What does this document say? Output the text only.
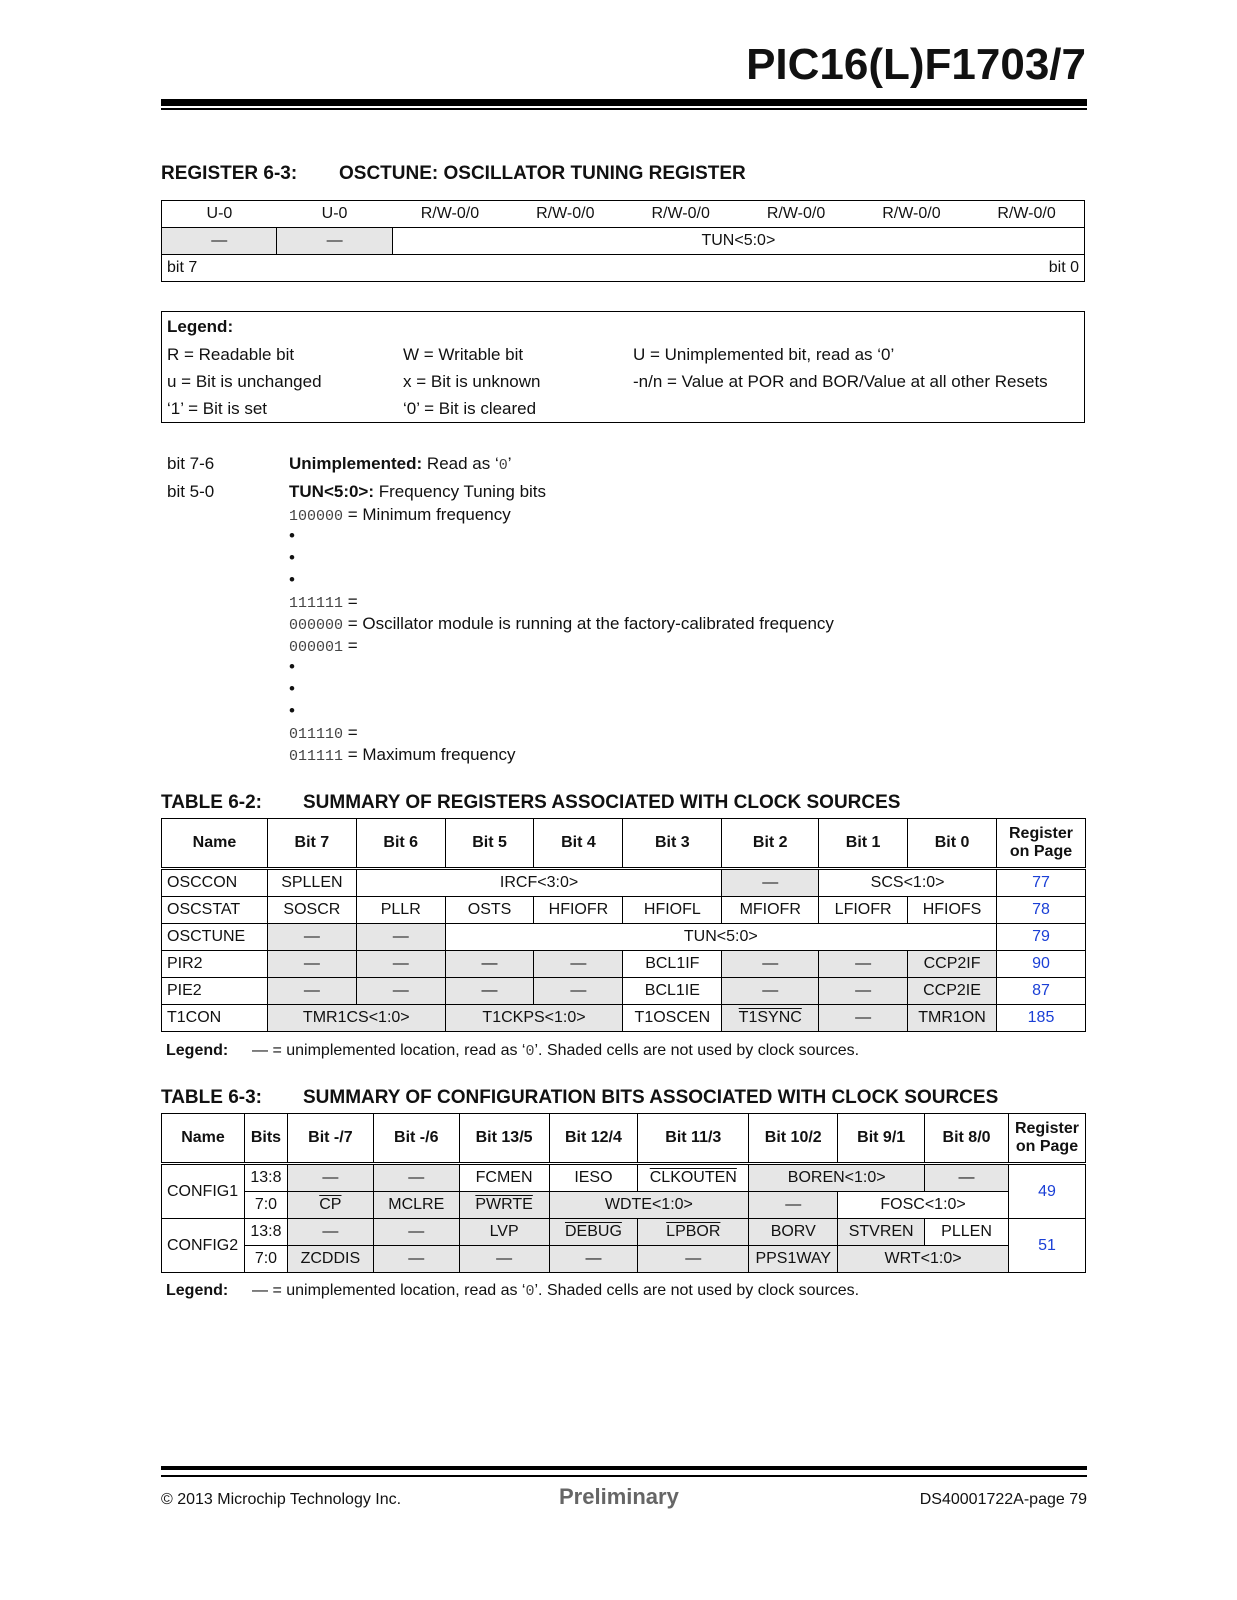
PIC16(L)F1703/7
REGISTER 6-3: OSCTUNE: OSCILLATOR TUNING REGISTER
U-0	U-0	R/W-0/0	R/W-0/0	R/W-0/0	R/W-0/0	R/W-0/0	R/W-0/0
—	—	TUN<5:0>					
bit 7				bit 0			
Legend:
R = Readable bit	W = Writable bit	U = Unimplemented bit, read as ‘0’
u = Bit is unchanged	x = Bit is unknown	-n/n = Value at POR and BOR/Value at all other Resets
‘1’ = Bit is set	‘0’ = Bit is cleared
bit 7-6	Unimplemented: Read as ‘0’
bit 5-0	TUN<5:0>: Frequency Tuning bits
100000 = Minimum frequency
•
•
•
111111 =
000000 = Oscillator module is running at the factory-calibrated frequency
000001 =
•
•
•
011110 =
011111 = Maximum frequency
TABLE 6-2: SUMMARY OF REGISTERS ASSOCIATED WITH CLOCK SOURCES
Name	Bit 7	Bit 6	Bit 5	Bit 4	Bit 3	Bit 2	Bit 1	Bit 0	Register on Page
OSCCON	SPLLEN	IRCF<3:0>				—	SCS<1:0>		77
OSCSTAT	SOSCR	PLLR	OSTS	HFIOFR	HFIOFL	MFIOFR	LFIOFR	HFIOFS	78
OSCTUNE	—	—	TUN<5:0>						79
PIR2	—	—	—	—	BCL1IF	—	—	CCP2IF	90
PIE2	—	—	—	—	BCL1IE	—	—	CCP2IE	87
T1CON	TMR1CS<1:0>		T1CKPS<1:0>		T1OSCEN	T1SYNC	—	TMR1ON	185
Legend: — = unimplemented location, read as ‘0’. Shaded cells are not used by clock sources.
TABLE 6-3: SUMMARY OF CONFIGURATION BITS ASSOCIATED WITH CLOCK SOURCES
Name	Bits	Bit -/7	Bit -/6	Bit 13/5	Bit 12/4	Bit 11/3	Bit 10/2	Bit 9/1	Bit 8/0	Register on Page
CONFIG1	13:8	—	—	FCMEN	IESO	CLKOUTEN	BOREN<1:0>		—	49
	7:0	$\overline{CP}$	MCLRE	PWRTE	WDTE<1:0>		—	FOSC<1:0>		
CONFIG2	13:8	—	—	LVP	DEBUG	LPBOR	BORV	STVREN	PLLEN	51
	7:0	ZCDDIS	—	—	—	—	PPS1WAY	WRT<1:0>		
Legend: — = unimplemented location, read as ‘0’. Shaded cells are not used by clock sources.
© 2013 Microchip Technology Inc.	Preliminary	DS40001722A-page 79
